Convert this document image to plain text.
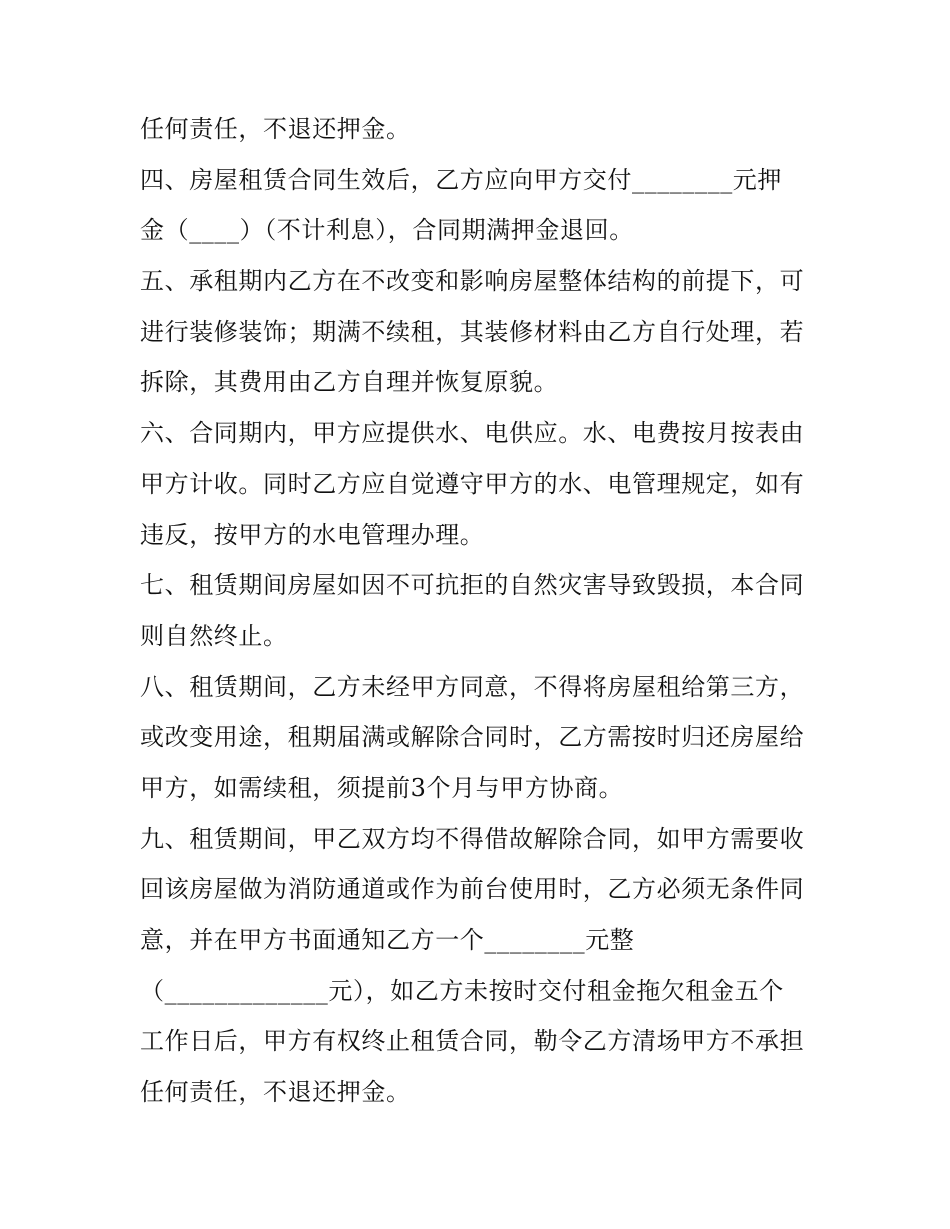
任何责任，不退还押金。
四、房屋租赁合同生效后，乙方应向甲方交付________元押
金（____）（不计利息），合同期满押金退回。
五、承租期内乙方在不改变和影响房屋整体结构的前提下，可
进行装修装饰；期满不续租，其装修材料由乙方自行处理，若
拆除，其费用由乙方自理并恢复原貌。
六、合同期内，甲方应提供水、电供应。水、电费按月按表由
甲方计收。同时乙方应自觉遵守甲方的水、电管理规定，如有
违反，按甲方的水电管理办理。
七、租赁期间房屋如因不可抗拒的自然灾害导致毁损，本合同
则自然终止。
八、租赁期间，乙方未经甲方同意，不得将房屋租给第三方，
或改变用途，租期届满或解除合同时，乙方需按时归还房屋给
甲方，如需续租，须提前3个月与甲方协商。
九、租赁期间，甲乙双方均不得借故解除合同，如甲方需要收
回该房屋做为消防通道或作为前台使用时，乙方必须无条件同
意，并在甲方书面通知乙方一个________元整
（_____________元），如乙方未按时交付租金拖欠租金五个
工作日后，甲方有权终止租赁合同，勒令乙方清场甲方不承担
任何责任，不退还押金。
